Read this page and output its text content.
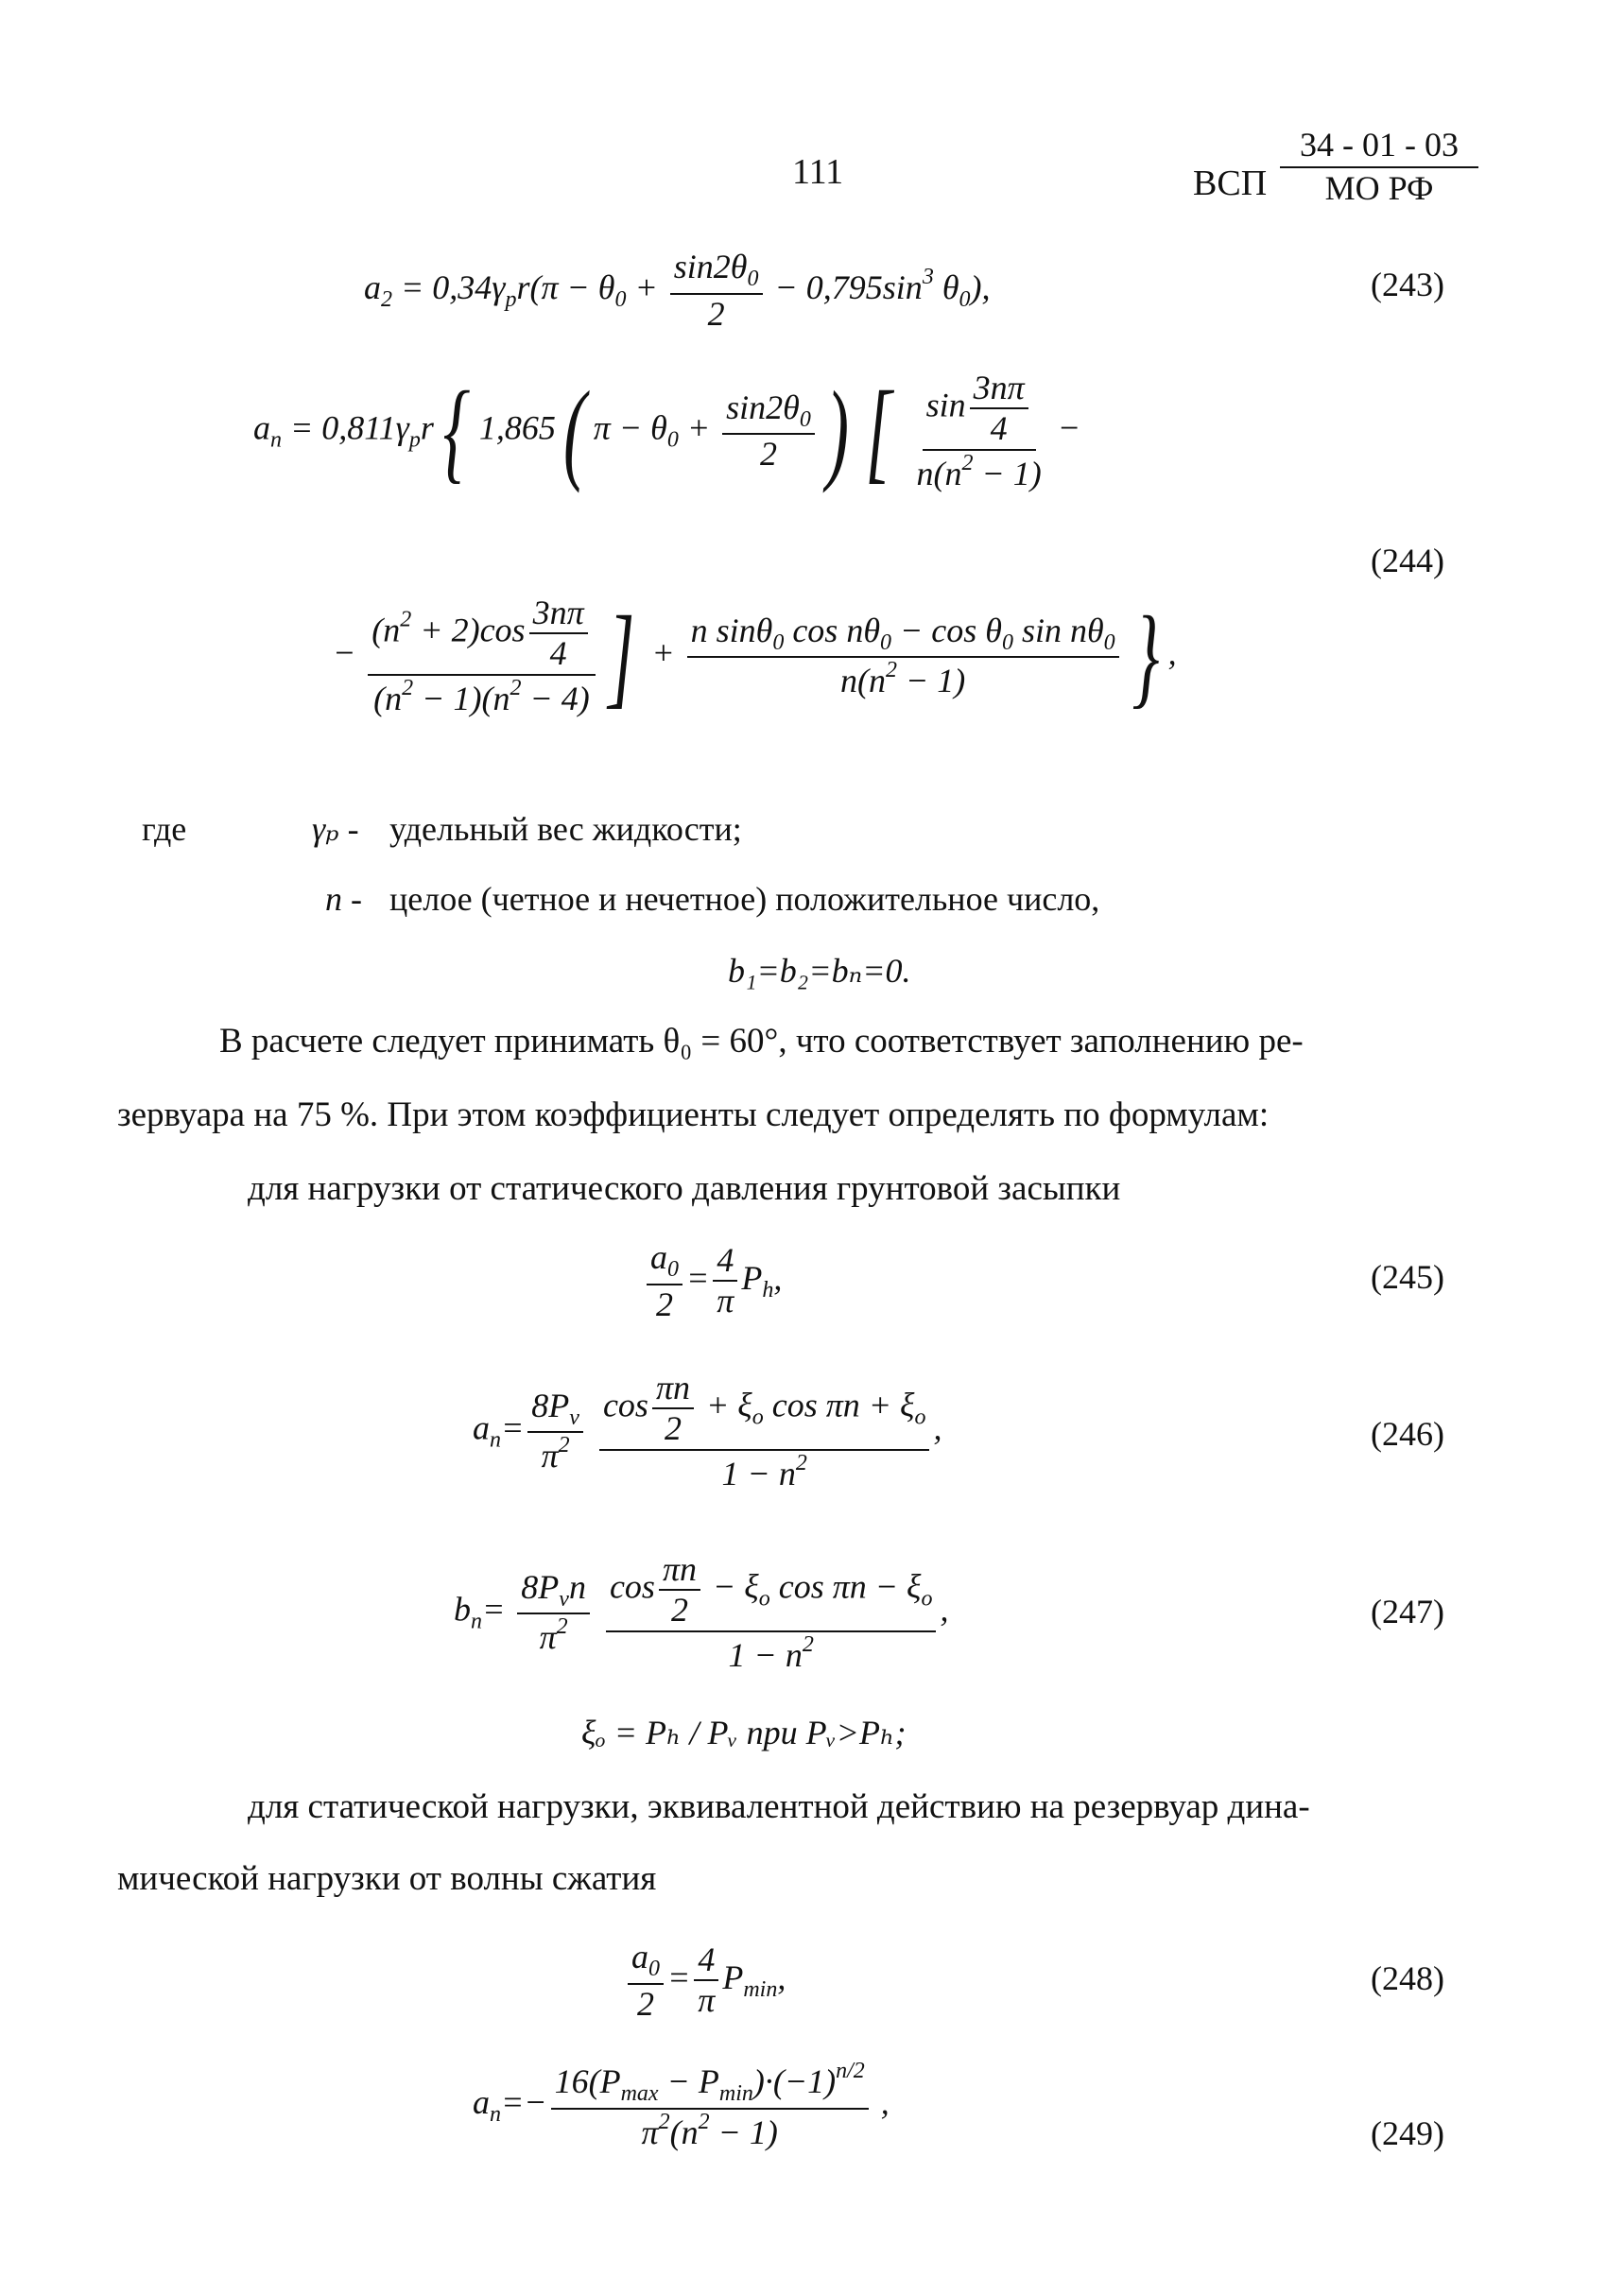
111	ВСП
34 - 01 - 03
МО РФ
$a_2 = 0,34\gamma_pr(\pi - \theta_0 + \frac{\sin 2\theta_0}{2} - 0,795\sin^3$ $\theta_0$),	(243)
$a_n = 0,811\gamma_pr${ 1,865( $\pi - \theta_0 + \frac{\sin 2\theta_0}{2}$ ) [ $\frac{\sin \frac{3n\pi}{4}}{n(n^2 - 1)}$ −
(244)
− $\frac{(n^2 + 2)\cos \frac{3n\pi}{4}}{(n^2 - 1)(n^2 - 4)}$ ] + $\frac{n \sin\theta_0 \cos n\theta_0 - \cos \theta_0 \sin n\theta_0}{n(n^2 - 1)}$ } ,
где	γₚ - удельный вес жидкости;
n - целое (четное и нечетное) положительное число,
b₁=b₂=bₙ=0.
В расчете следует принимать θ₀ = 60°, что соответствует заполнению ре-
зервуара на 75 %. При этом коэффициенты следует определять по формулам:
для нагрузки от статического давления грунтовой засыпки
$\frac{a_0}{2} = \frac{4}{\pi} P_h$,	(245)
$a_n= \frac{8P_v}{\pi^2}$
$\frac{\cos \frac{\pi n}{2} + \xi_o \cos \pi n + \xi_o}{1 - n^2}$ ,	(246)
$b_n= \frac{8P_vn}{\pi^2}$
$\frac{\cos \frac{\pi n}{2} - \xi_o \cos \pi n - \xi_o}{1 - n^2}$ ,	(247)
ξₒ = Pₕ / Pᵥ при Pᵥ>Pₕ;
для статической нагрузки, эквивалентной действию на резервуар дина-
мической нагрузки от волны сжатия
$\frac{a_0}{2} = \frac{4}{\pi} P_{min}$,	(248)
$a_n=- \frac{16(P_{max} - P_{min})\cdot(-1)^{n/2}}{\pi^2(n^2 - 1)}$ ,
(249)
